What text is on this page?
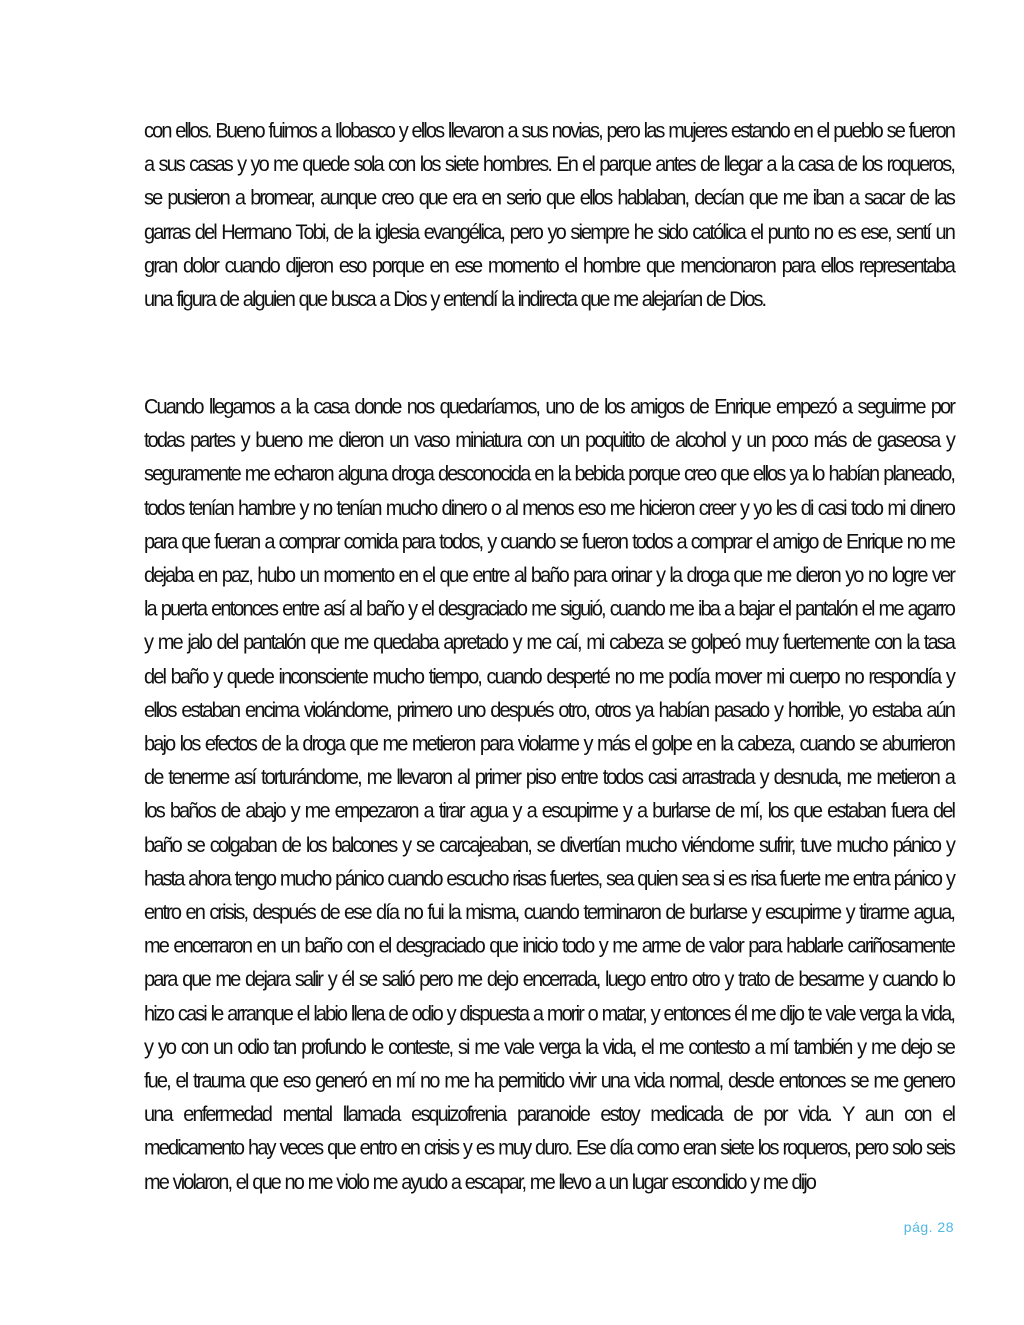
con ellos. Bueno fuimos a Ilobasco y ellos llevaron a sus novias, pero las mujeres estando en el pueblo se fueron a sus casas y yo me quede sola con los siete hombres. En el parque antes de llegar a la casa de los roqueros, se pusieron a bromear, aunque creo que era en serio que ellos hablaban, decían que me iban a sacar de las garras del Hermano Tobi, de la iglesia evangélica, pero yo siempre he sido católica el punto no es ese, sentí un gran dolor cuando dijeron eso porque en ese momento el hombre que mencionaron para ellos representaba una figura de alguien que busca a Dios y entendí la indirecta que me alejarían de Dios.

Cuando llegamos a la casa donde nos quedaríamos, uno de los amigos de Enrique empezó a seguirme por todas partes y bueno me dieron un vaso miniatura con un poquitito de alcohol y un poco más de gaseosa y seguramente me echaron alguna droga desconocida en la bebida porque creo que ellos ya lo habían planeado, todos tenían hambre y no tenían mucho dinero o al menos eso me hicieron creer y yo les di casi todo mi dinero para que fueran a comprar comida para todos, y cuando se fueron todos a comprar el amigo de Enrique no me dejaba en paz, hubo un momento en el que entre al baño para orinar y la droga que me dieron yo no logre ver la puerta entonces entre así al baño y el desgraciado me siguió, cuando me iba a bajar el pantalón el me agarro y me jalo del pantalón que me quedaba apretado y me caí, mi cabeza se golpeó muy fuertemente con la tasa del baño y quede inconsciente mucho tiempo, cuando desperté no me podía mover mi cuerpo no respondía y ellos estaban encima violándome, primero uno después otro, otros ya habían pasado y horrible, yo estaba aún bajo los efectos de la droga que me metieron para violarme y más el golpe en la cabeza, cuando se aburrieron de tenerme así torturándome, me llevaron al primer piso entre todos casi arrastrada y desnuda, me metieron a los baños de abajo y me empezaron a tirar agua y a escupirme y a burlarse de mí, los que estaban fuera del baño se colgaban de los balcones y se carcajeaban, se divertían mucho viéndome sufrir, tuve mucho pánico y hasta ahora tengo mucho pánico cuando escucho risas fuertes, sea quien sea si es risa fuerte me entra pánico y entro en crisis, después de ese día no fui la misma, cuando terminaron de burlarse y escupirme y tirarme agua, me encerraron en un baño con el desgraciado que inicio todo y me arme de valor para hablarle cariñosamente para que me dejara salir y él se salió pero me dejo encerrada, luego entro otro y trato de besarme y cuando lo hizo casi le arranque el labio llena de odio y dispuesta a morir o matar, y entonces él me dijo te vale verga la vida, y yo con un odio tan profundo le conteste, si me vale verga la vida, el me contesto a mí también y me dejo se fue, el trauma que eso generó en mí no me ha permitido vivir una vida normal, desde entonces se me genero una enfermedad mental llamada esquizofrenia paranoide estoy medicada de por vida. Y aun con el medicamento hay veces que entro en crisis y es muy duro. Ese día como eran siete los roqueros, pero solo seis me violaron, el que no me violo me ayudo a escapar, me llevo a un lugar escondido y me dijo

pág. 28
